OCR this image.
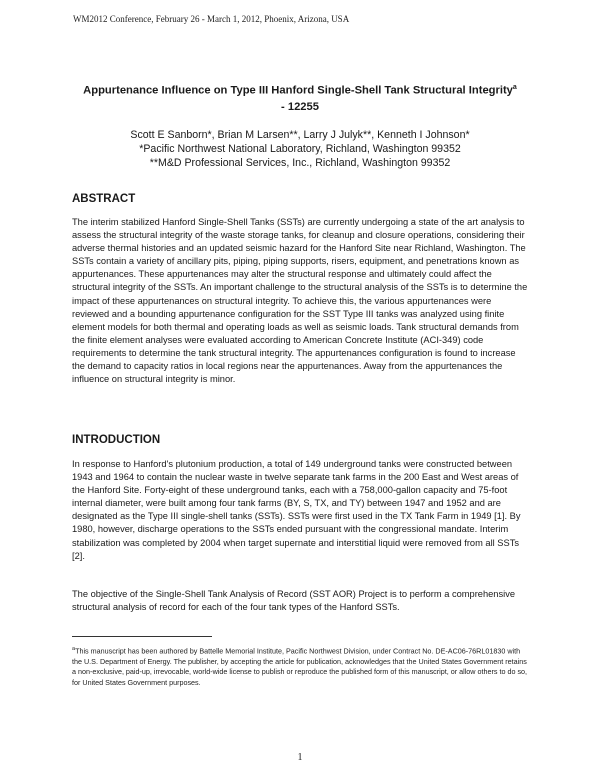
WM2012 Conference, February 26 - March 1, 2012, Phoenix, Arizona, USA
Appurtenance Influence on Type III Hanford Single-Shell Tank Structural Integrity$^a$
- 12255
Scott E Sanborn*, Brian M Larsen**, Larry J Julyk**, Kenneth I Johnson*
*Pacific Northwest National Laboratory, Richland, Washington 99352
**M&D Professional Services, Inc., Richland, Washington 99352
ABSTRACT

The interim stabilized Hanford Single-Shell Tanks (SSTs) are currently undergoing a state of the art analysis to assess the structural integrity of the waste storage tanks, for cleanup and closure operations, considering their adverse thermal histories and an updated seismic hazard for the Hanford Site near Richland, Washington. The SSTs contain a variety of ancillary pits, piping, piping supports, risers, equipment, and penetrations known as appurtenances. These appurtenances may alter the structural response and ultimately could affect the structural integrity of the SSTs. An important challenge to the structural analysis of the SSTs is to determine the impact of these appurtenances on structural integrity. To achieve this, the various appurtenances were reviewed and a bounding appurtenance configuration for the SST Type III tanks was analyzed using finite element models for both thermal and operating loads as well as seismic loads. Tank structural demands from the finite element analyses were evaluated according to American Concrete Institute (ACI-349) code requirements to determine the tank structural integrity. The appurtenances configuration is found to increase the demand to capacity ratios in local regions near the appurtenances. Away from the appurtenances the influence on structural integrity is minor.

INTRODUCTION

In response to Hanford's plutonium production, a total of 149 underground tanks were constructed between 1943 and 1964 to contain the nuclear waste in twelve separate tank farms in the 200 East and West areas of the Hanford Site. Forty-eight of these underground tanks, each with a 758,000-gallon capacity and 75-foot internal diameter, were built among four tank farms (BY, S, TX, and TY) between 1947 and 1952 and are designated as the Type III single-shell tanks (SSTs). SSTs were first used in the TX Tank Farm in 1949 [1]. By 1980, however, discharge operations to the SSTs ended pursuant with the congressional mandate. Interim stabilization was completed by 2004 when target supernate and interstitial liquid were removed from all SSTs [2].

The objective of the Single-Shell Tank Analysis of Record (SST AOR) Project is to perform a comprehensive structural analysis of record for each of the four tank types of the Hanford SSTs.

$^a$This manuscript has been authored by Battelle Memorial Institute, Pacific Northwest Division, under Contract No. DE-AC06-76RL01830 with the U.S. Department of Energy. The publisher, by accepting the article for publication, acknowledges that the United States Government retains a non-exclusive, paid-up, irrevocable, world-wide license to publish or reproduce the published form of this manuscript, or allow others to do so, for United States Government purposes.

1
